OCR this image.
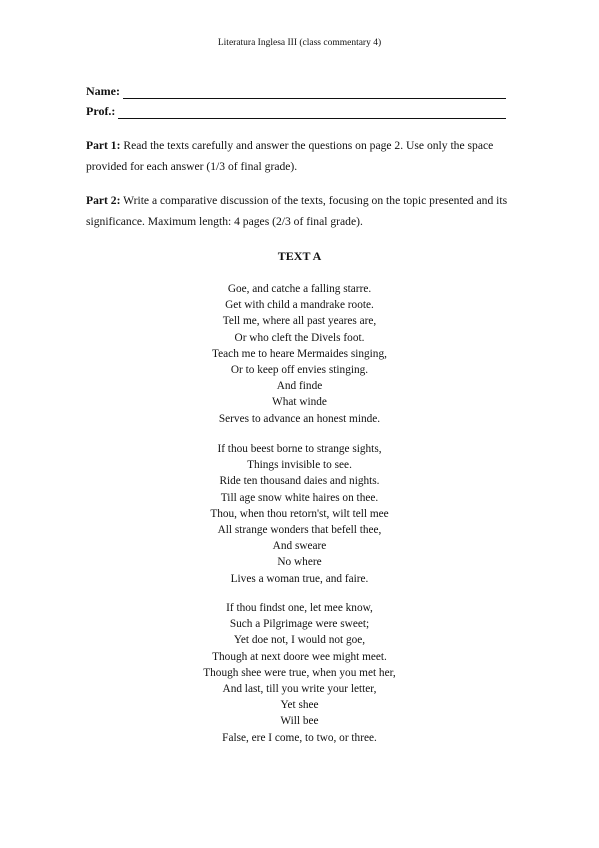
Literatura Inglesa III (class commentary 4)
Name:
Prof.:
Part 1: Read the texts carefully and answer the questions on page 2. Use only the space provided for each answer (1/3 of final grade).
Part 2: Write a comparative discussion of the texts, focusing on the topic presented and its significance. Maximum length: 4 pages (2/3 of final grade).
TEXT A
Goe, and catche a falling starre.
Get with child a mandrake roote.
Tell me, where all past yeares are,
Or who cleft the Divels foot.
Teach me to heare Mermaides singing,
Or to keep off envies stinging.
And finde
What winde
Serves to advance an honest minde.
If thou beest borne to strange sights,
Things invisible to see.
Ride ten thousand daies and nights.
Till age snow white haires on thee.
Thou, when thou retorn'st, wilt tell mee
All strange wonders that befell thee,
And sweare
No where
Lives a woman true, and faire.
If thou findst one, let mee know,
Such a Pilgrimage were sweet;
Yet doe not, I would not goe,
Though at next doore wee might meet.
Though shee were true, when you met her,
And last, till you write your letter,
Yet shee
Will bee
False, ere I come, to two, or three.
